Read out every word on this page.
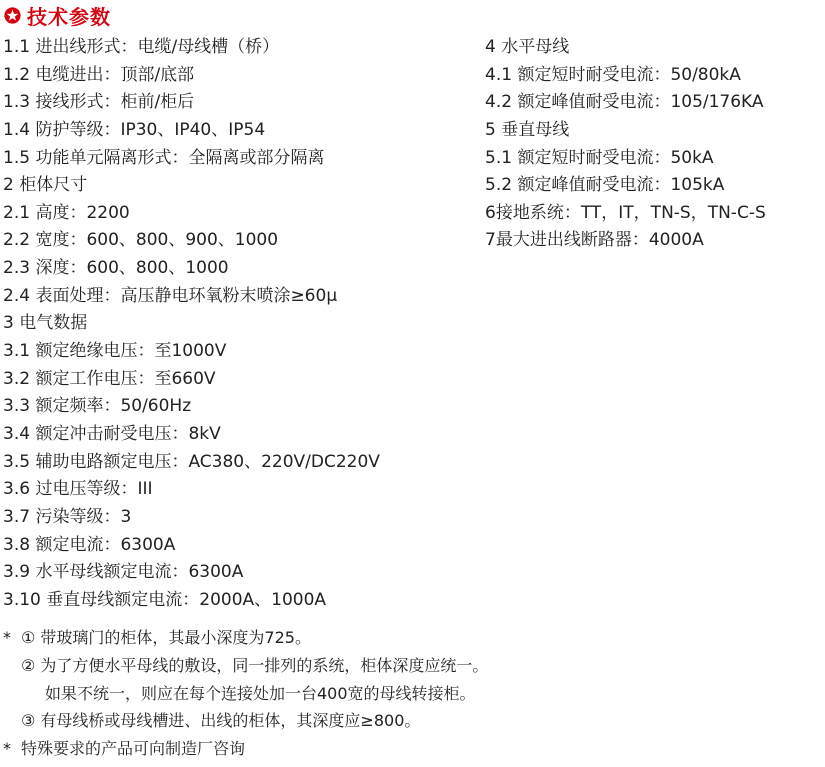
技术参数
1.1 进出线形式：电缆/母线槽（桥）
1.2 电缆进出：顶部/底部
1.3 接线形式：柜前/柜后
1.4 防护等级：IP30、IP40、IP54
1.5 功能单元隔离形式：全隔离或部分隔离
2 柜体尺寸
2.1 高度：2200
2.2 宽度：600、800、900、1000
2.3 深度：600、800、1000
2.4 表面处理：高压静电环氧粉末喷涂≥60μ
3 电气数据
3.1 额定绝缘电压：至1000V
3.2 额定工作电压：至660V
3.3 额定频率：50/60Hz
3.4 额定冲击耐受电压：8kV
3.5 辅助电路额定电压：AC380、220V/DC220V
3.6 过电压等级：III
3.7 污染等级：3
3.8 额定电流：6300A
3.9 水平母线额定电流：6300A
3.10 垂直母线额定电流：2000A、1000A
4 水平母线
4.1 额定短时耐受电流：50/80kA
4.2 额定峰值耐受电流：105/176KA
5 垂直母线
5.1 额定短时耐受电流：50kA
5.2 额定峰值耐受电流：105kA
6接地系统：TT，IT，TN-S，TN-C-S
7最大进出线断路器：4000A
* ① 带玻璃门的柜体，其最小深度为725。
② 为了方便水平母线的敷设，同一排列的系统，柜体深度应统一。
如果不统一，则应在每个连接处加一台400宽的母线转接柜。
③ 有母线桥或母线槽进、出线的柜体，其深度应≥800。
* 特殊要求的产品可向制造厂咨询
